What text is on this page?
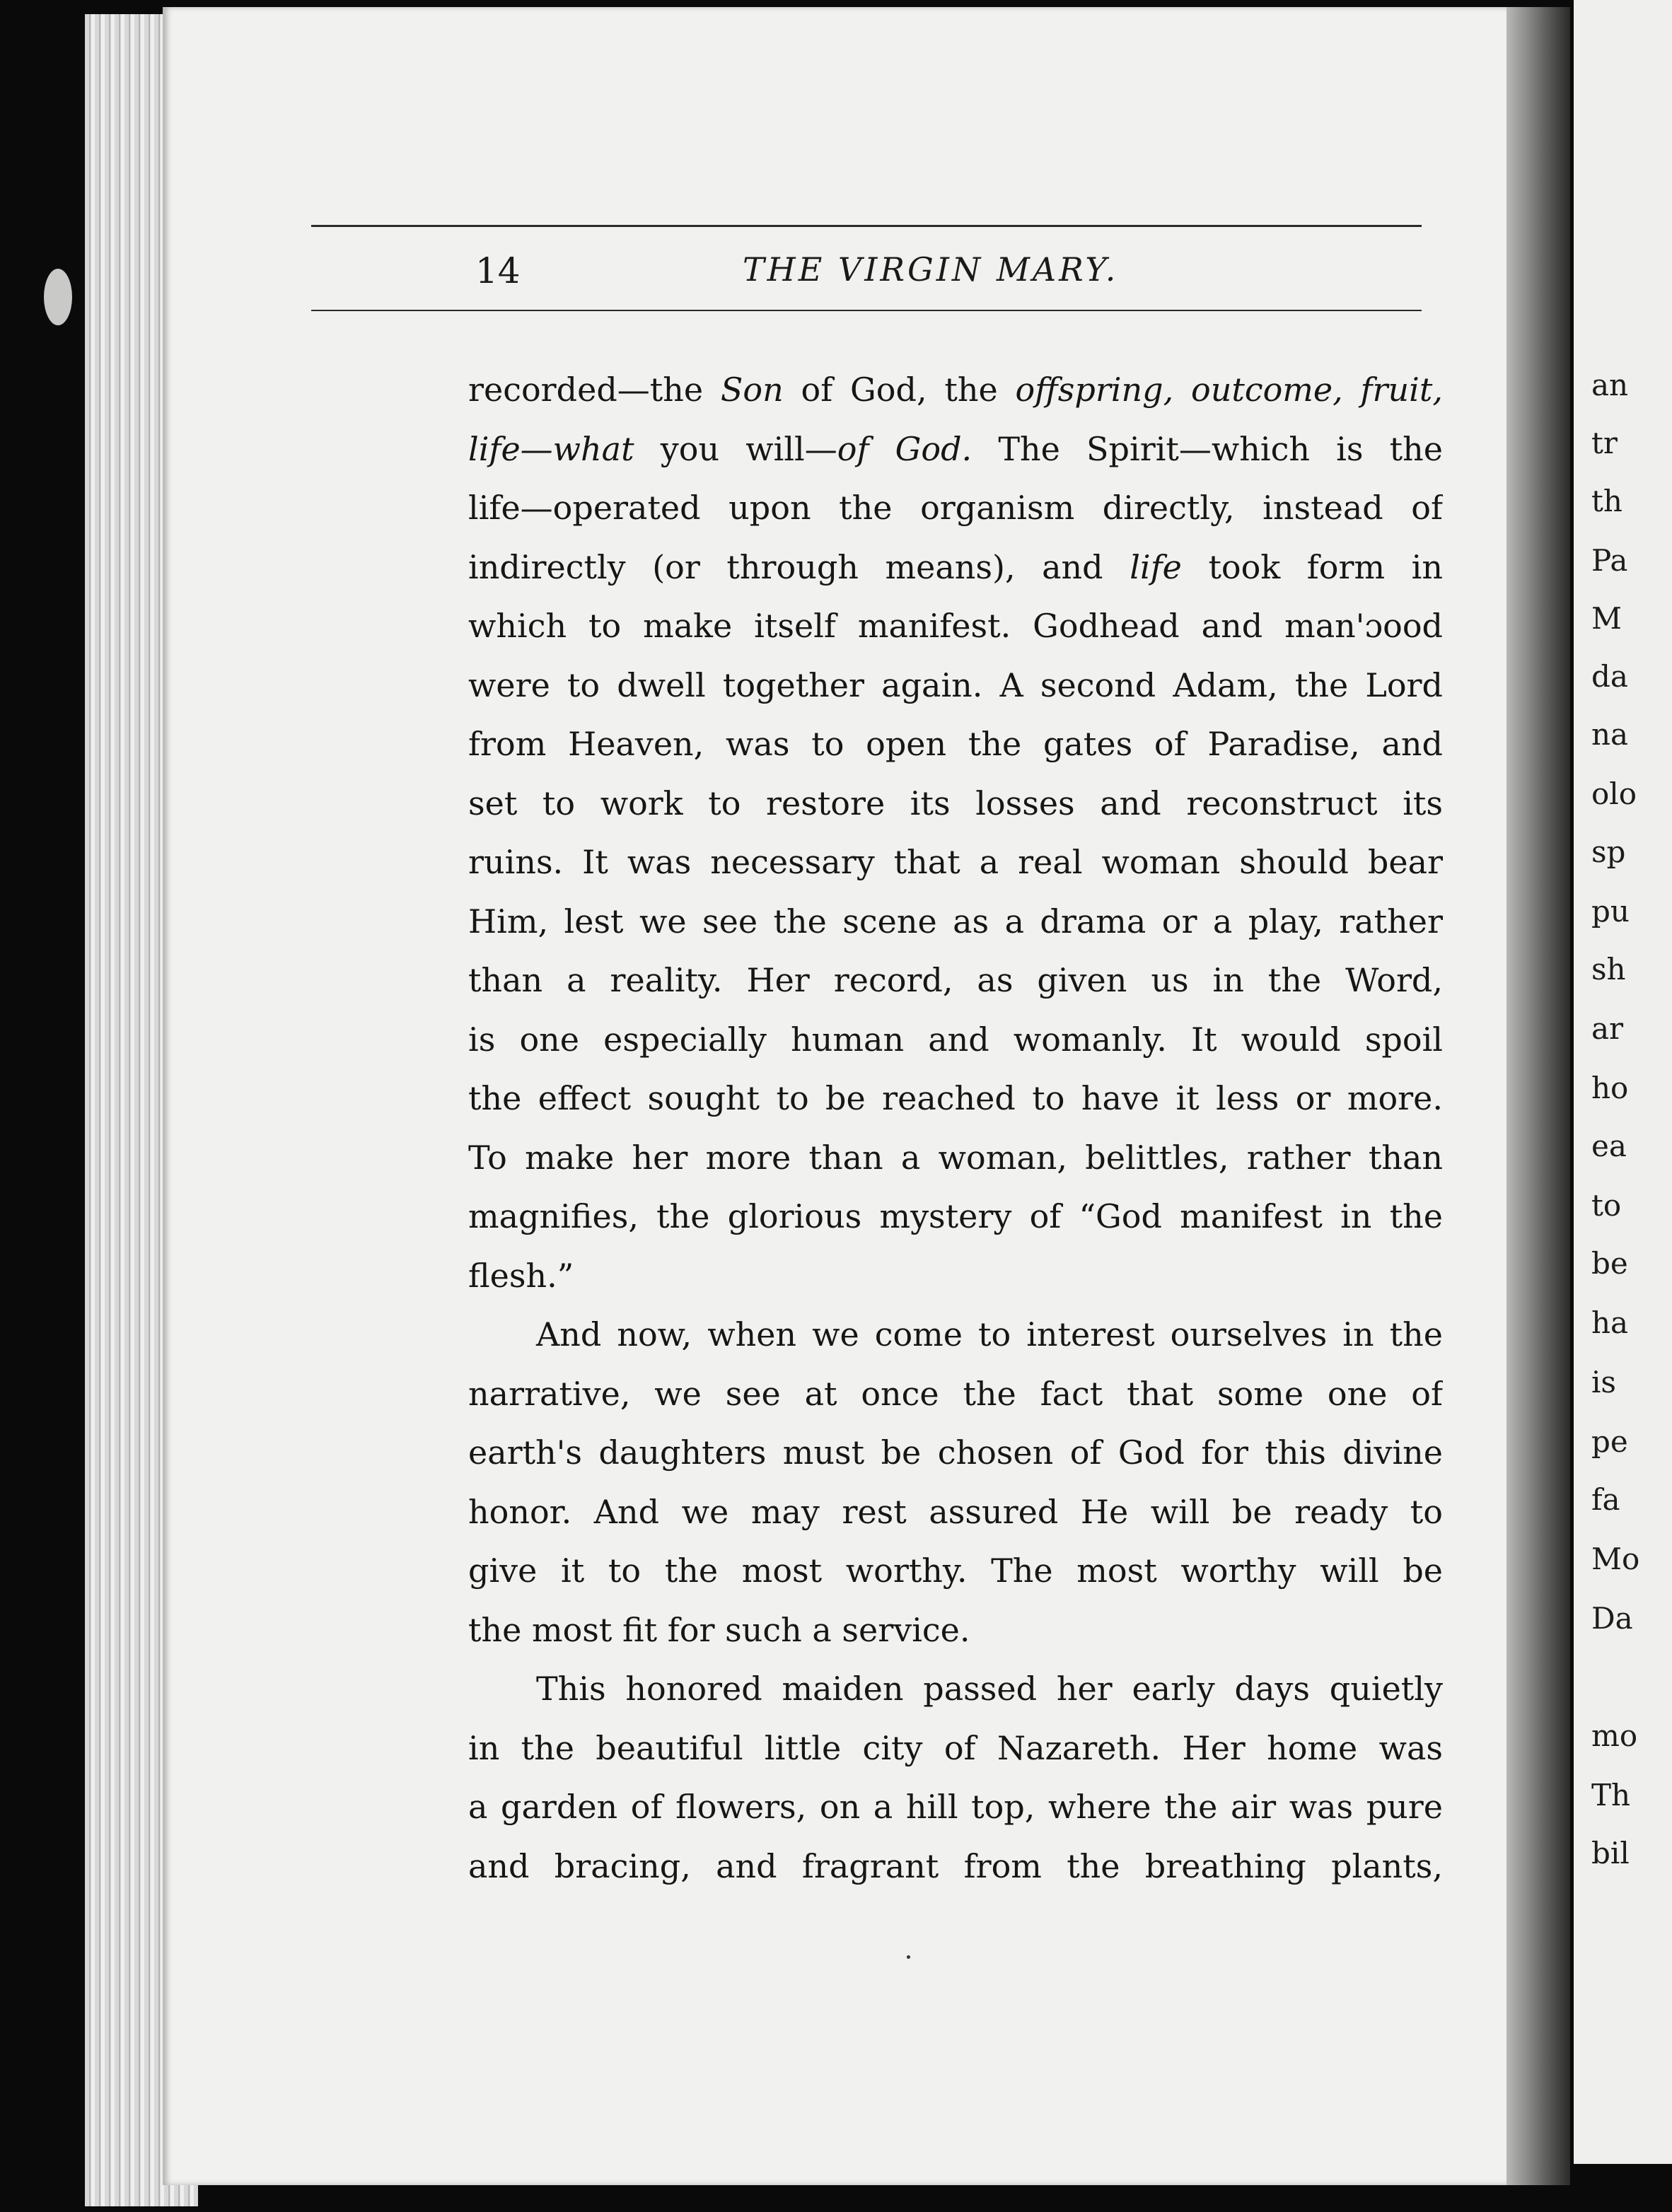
14	THE VIRGIN MARY.
recorded—the Son of God, the offspring, outcome, fruit,
life—what you will—of God. The Spirit—which is the
life—operated upon the organism directly, instead of
indirectly (or through means), and life took form in
which to make itself manifest. Godhead and man'ɔood
were to dwell together again. A second Adam, the Lord
from Heaven, was to open the gates of Paradise, and
set to work to restore its losses and reconstruct its
ruins. It was necessary that a real woman should bear
Him, lest we see the scene as a drama or a play, rather
than a reality. Her record, as given us in the Word,
is one especially human and womanly. It would spoil
the effect sought to be reached to have it less or more.
To make her more than a woman, belittles, rather than
magnifies, the glorious mystery of “God manifest in the
flesh.”
And now, when we come to interest ourselves in the
narrative, we see at once the fact that some one of
earth's daughters must be chosen of God for this divine
honor. And we may rest assured He will be ready to
give it to the most worthy. The most worthy will be
the most fit for such a service.
This honored maiden passed her early days quietly
in the beautiful little city of Nazareth. Her home was
a garden of flowers, on a hill top, where the air was pure
and bracing, and fragrant from the breathing plants,
an
tr
th
Pa
M
da
na
olo
sp
pu
sh
ar
ho
ea
to
be
ha
is
pe
fa
Mo
Da
mo
Th
bil
